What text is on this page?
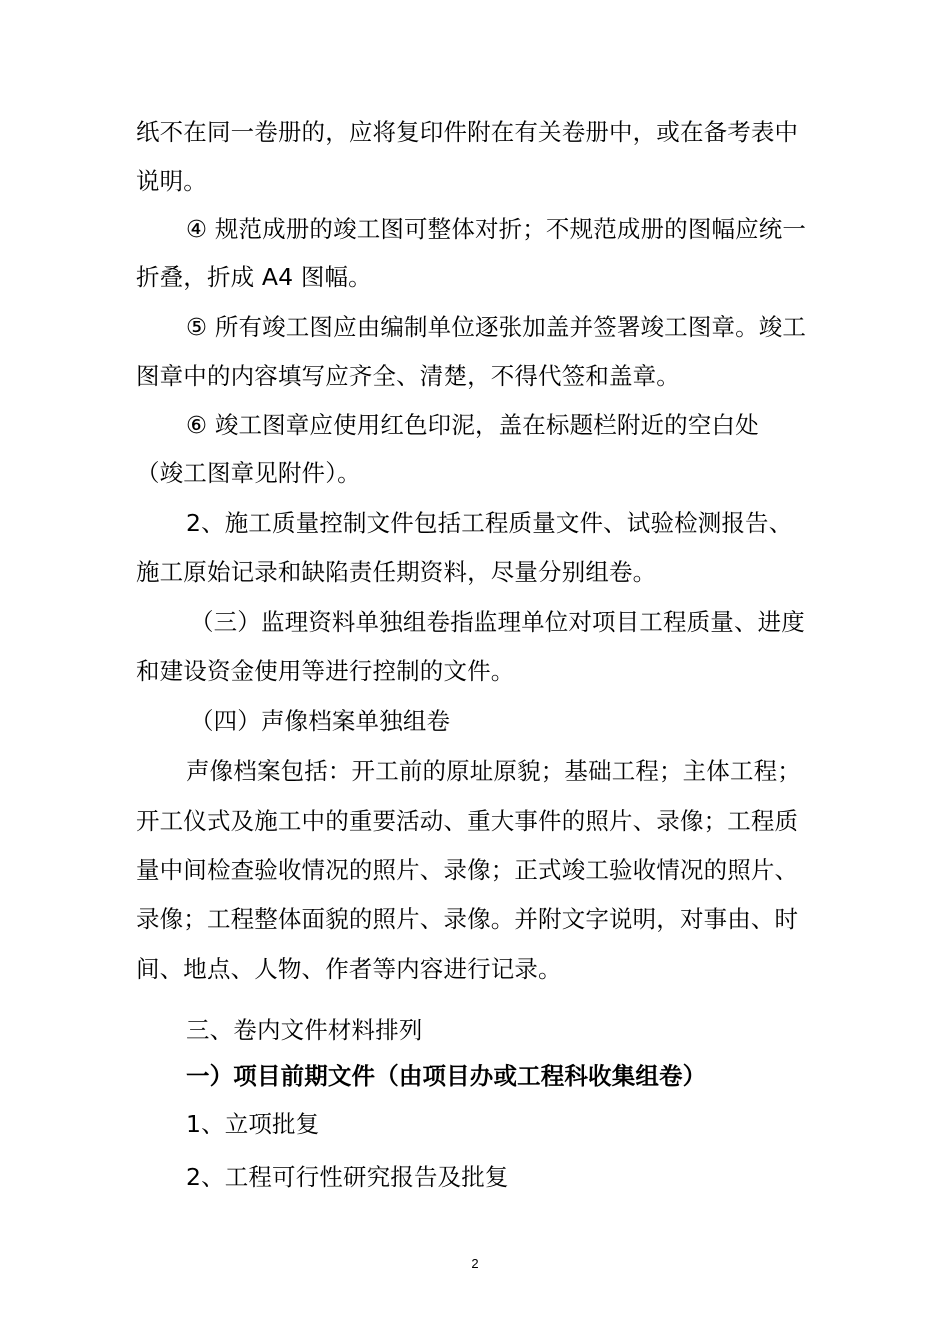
纸不在同一卷册的，应将复印件附在有关卷册中，或在备考表中
说明。
④ 规范成册的竣工图可整体对折；不规范成册的图幅应统一
折叠，折成 A4 图幅。
⑤ 所有竣工图应由编制单位逐张加盖并签署竣工图章。竣工
图章中的内容填写应齐全、清楚，不得代签和盖章。
⑥ 竣工图章应使用红色印泥，盖在标题栏附近的空白处
（竣工图章见附件）。
2、施工质量控制文件包括工程质量文件、试验检测报告、
施工原始记录和缺陷责任期资料，尽量分别组卷。
（三）监理资料单独组卷指监理单位对项目工程质量、进度
和建设资金使用等进行控制的文件。
（四）声像档案单独组卷
声像档案包括：开工前的原址原貌；基础工程；主体工程；
开工仪式及施工中的重要活动、重大事件的照片、录像；工程质
量中间检查验收情况的照片、录像；正式竣工验收情况的照片、
录像；工程整体面貌的照片、录像。并附文字说明，对事由、时
间、地点、人物、作者等内容进行记录。
三、卷内文件材料排列
一）项目前期文件（由项目办或工程科收集组卷）
1、立项批复
2、工程可行性研究报告及批复
2
